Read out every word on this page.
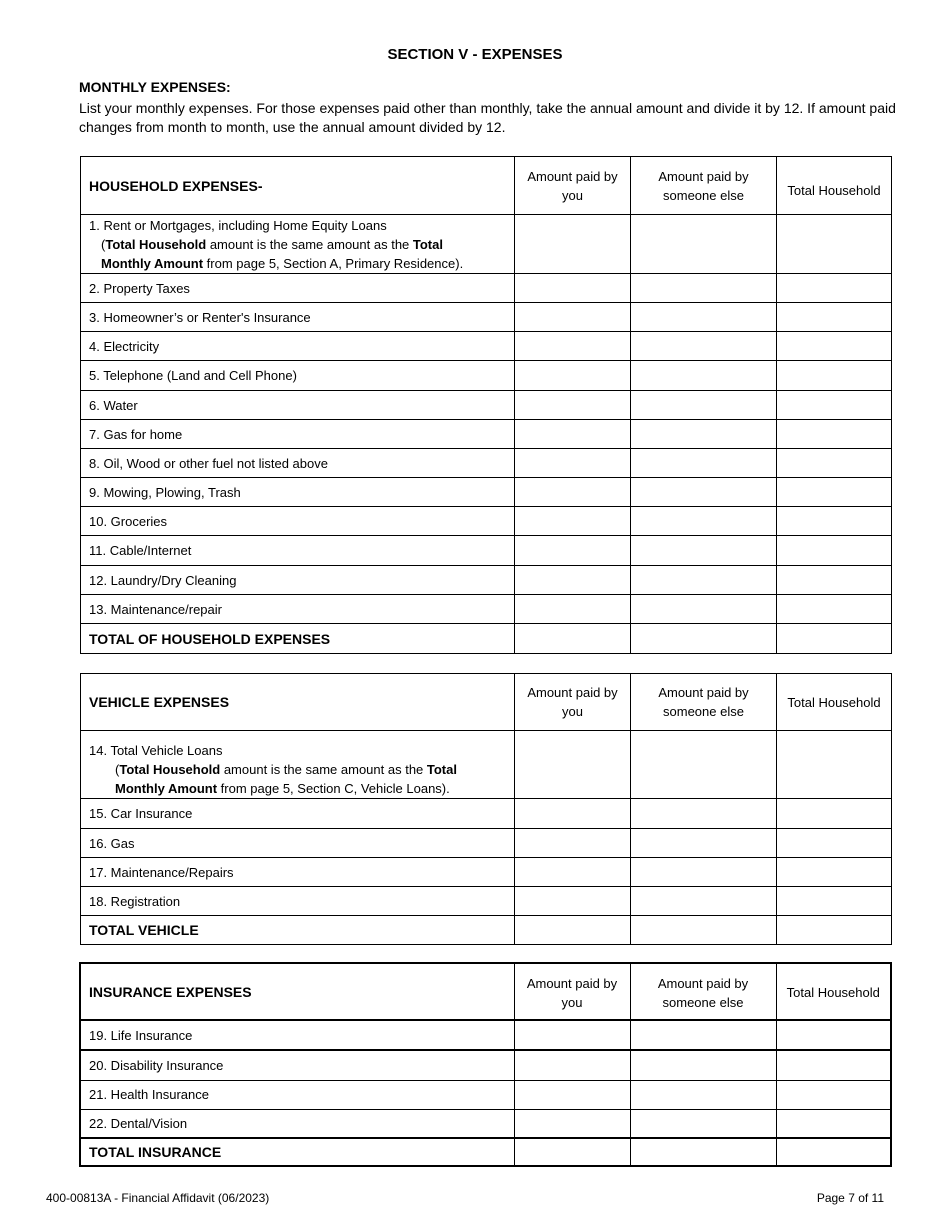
SECTION V - EXPENSES
MONTHLY EXPENSES:
List your monthly expenses. For those expenses paid other than monthly, take the annual amount and divide it by 12. If amount paid changes from month to month, use the annual amount divided by 12.
HOUSEHOLD EXPENSES-	Amount paid by you	Amount paid by someone else	Total Household

1. Rent or Mortgages, including Home Equity Loans
(Total Household amount is the same amount as the Total
Monthly Amount from page 5, Section A, Primary Residence).			

2. Property Taxes			
3. Homeowner’s or Renter's Insurance			
4. Electricity			
5. Telephone (Land and Cell Phone)			
6. Water			
7. Gas for home			
8. Oil, Wood or other fuel not listed above			
9. Mowing, Plowing, Trash			
10. Groceries			
11. Cable/Internet			
12. Laundry/Dry Cleaning			
13. Maintenance/repair			
TOTAL OF HOUSEHOLD EXPENSES			
VEHICLE EXPENSES	Amount paid by you	Amount paid by someone else	Total Household

14. Total Vehicle Loans
(Total Household amount is the same amount as the Total
Monthly Amount from page 5, Section C, Vehicle Loans).			

15. Car Insurance			
16. Gas			
17. Maintenance/Repairs			
18. Registration			
TOTAL VEHICLE			
INSURANCE EXPENSES	Amount paid by you	Amount paid by someone else	Total Household
19. Life Insurance			
20. Disability Insurance			
21. Health Insurance			
22. Dental/Vision			
TOTAL INSURANCE			
400-00813A - Financial Affidavit (06/2023)	Page 7 of 11
